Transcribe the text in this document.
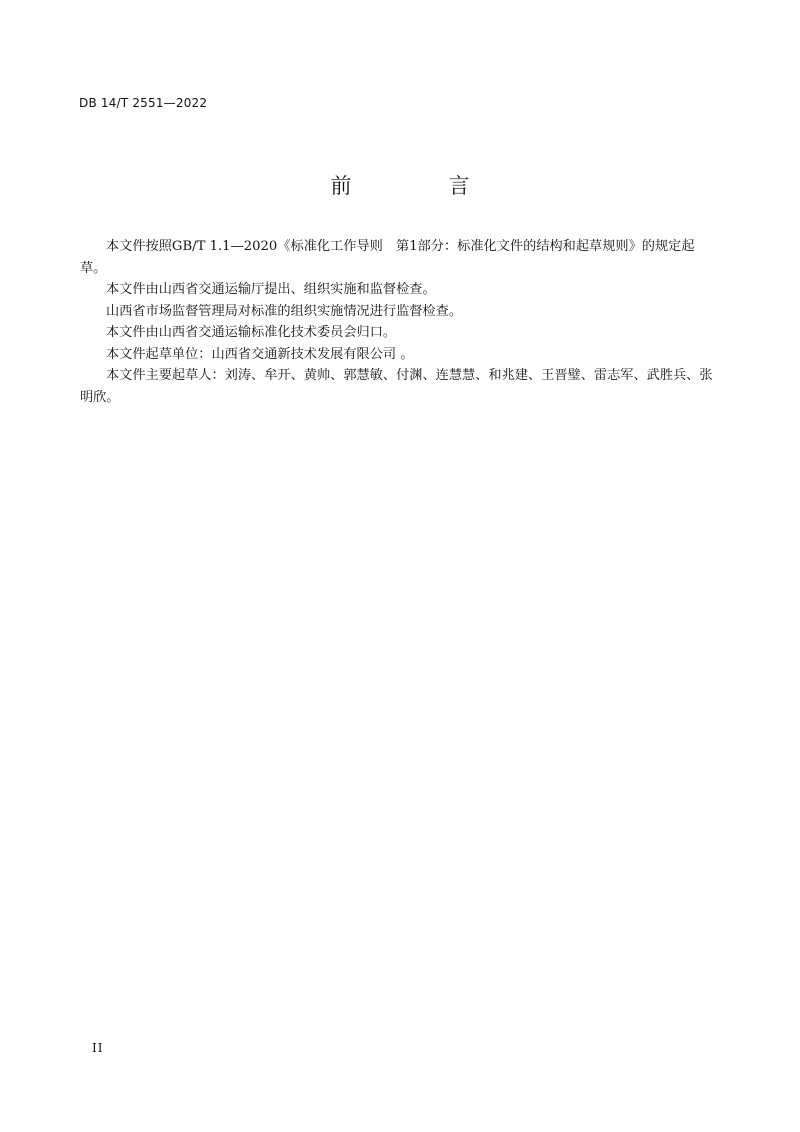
DB 14/T 2551—2022
前　言

本文件按照GB/T 1.1—2020《标准化工作导则　第1部分：标准化文件的结构和起草规则》的规定起草。

本文件由山西省交通运输厅提出、组织实施和监督检查。

山西省市场监督管理局对标准的组织实施情况进行监督检查。

本文件由山西省交通运输标准化技术委员会归口。

本文件起草单位：山西省交通新技术发展有限公司 。

本文件主要起草人：刘涛、牟开、黄帅、郭慧敏、付渊、连慧慧、和兆建、王晋璧、雷志军、武胜兵、张明欣。

II
